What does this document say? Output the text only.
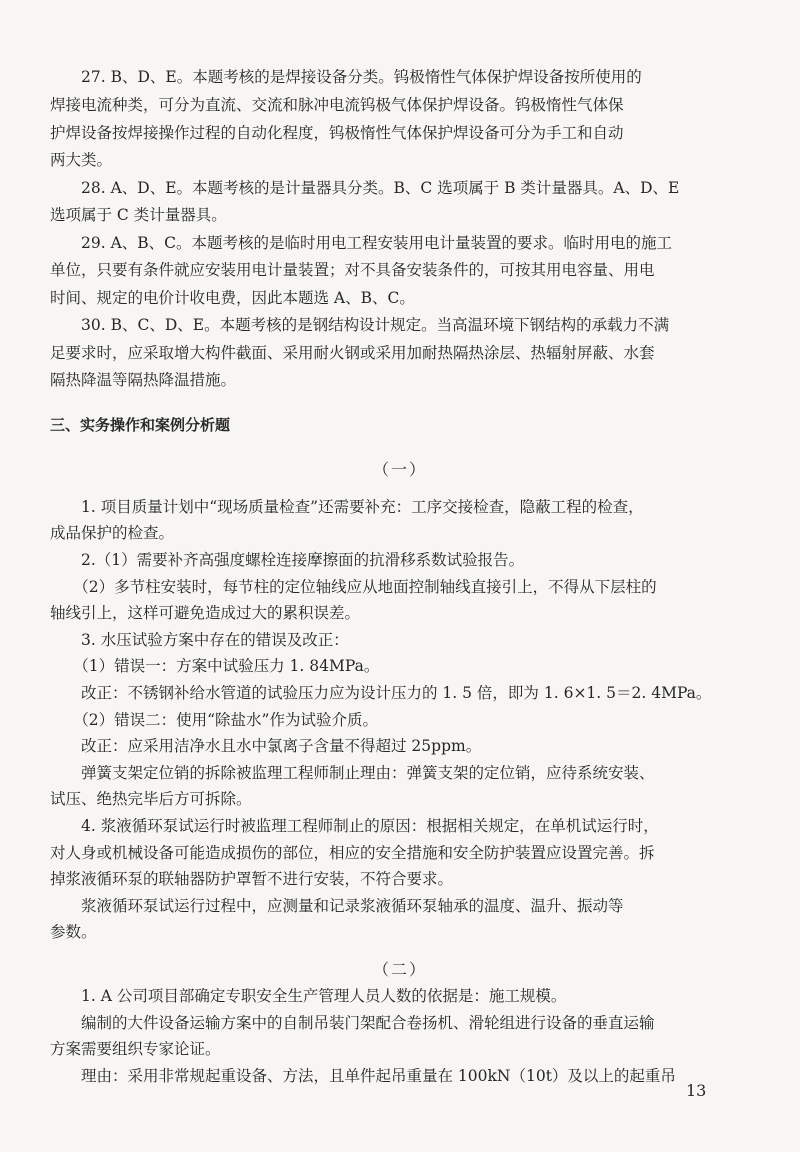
　　27. B、D、E。本题考核的是焊接设备分类。钨极惰性气体保护焊设备按所使用的
焊接电流种类，可分为直流、交流和脉冲电流钨极气体保护焊设备。钨极惰性气体保
护焊设备按焊接操作过程的自动化程度，钨极惰性气体保护焊设备可分为手工和自动
两大类。
　　28. A、D、E。本题考核的是计量器具分类。B、C 选项属于 B 类计量器具。A、D、E
选项属于 C 类计量器具。
　　29. A、B、C。本题考核的是临时用电工程安装用电计量装置的要求。临时用电的施工
单位，只要有条件就应安装用电计量装置；对不具备安装条件的，可按其用电容量、用电
时间、规定的电价计收电费，因此本题选 A、B、C。
　　30. B、C、D、E。本题考核的是钢结构设计规定。当高温环境下钢结构的承载力不满
足要求时，应采取增大构件截面、采用耐火钢或采用加耐热隔热涂层、热辐射屏蔽、水套
隔热降温等隔热降温措施。
三、实务操作和案例分析题
（一）
　　1. 项目质量计划中“现场质量检查”还需要补充：工序交接检查，隐蔽工程的检查，
成品保护的检查。
　　2.（1）需要补齐高强度螺栓连接摩擦面的抗滑移系数试验报告。
　　（2）多节柱安装时，每节柱的定位轴线应从地面控制轴线直接引上，不得从下层柱的
轴线引上，这样可避免造成过大的累积误差。
　　3. 水压试验方案中存在的错误及改正：
　　（1）错误一：方案中试验压力 1. 84MPa。
　　改正：不锈钢补给水管道的试验压力应为设计压力的 1. 5 倍，即为 1. 6×1. 5＝2. 4MPa。
　　（2）错误二：使用“除盐水”作为试验介质。
　　改正：应采用洁净水且水中氯离子含量不得超过 25ppm。
　　弹簧支架定位销的拆除被监理工程师制止理由：弹簧支架的定位销，应待系统安装、
试压、绝热完毕后方可拆除。
　　4. 浆液循环泵试运行时被监理工程师制止的原因：根据相关规定，在单机试运行时，
对人身或机械设备可能造成损伤的部位，相应的安全措施和安全防护装置应设置完善。拆
掉浆液循环泵的联轴器防护罩暂不进行安装，不符合要求。
　　浆液循环泵试运行过程中，应测量和记录浆液循环泵轴承的温度、温升、振动等
参数。
（二）
　　1. A 公司项目部确定专职安全生产管理人员人数的依据是：施工规模。
　　编制的大件设备运输方案中的自制吊装门架配合卷扬机、滑轮组进行设备的垂直运输
方案需要组织专家论证。
　　理由：采用非常规起重设备、方法，且单件起吊重量在 100kN（10t）及以上的起重吊
13
